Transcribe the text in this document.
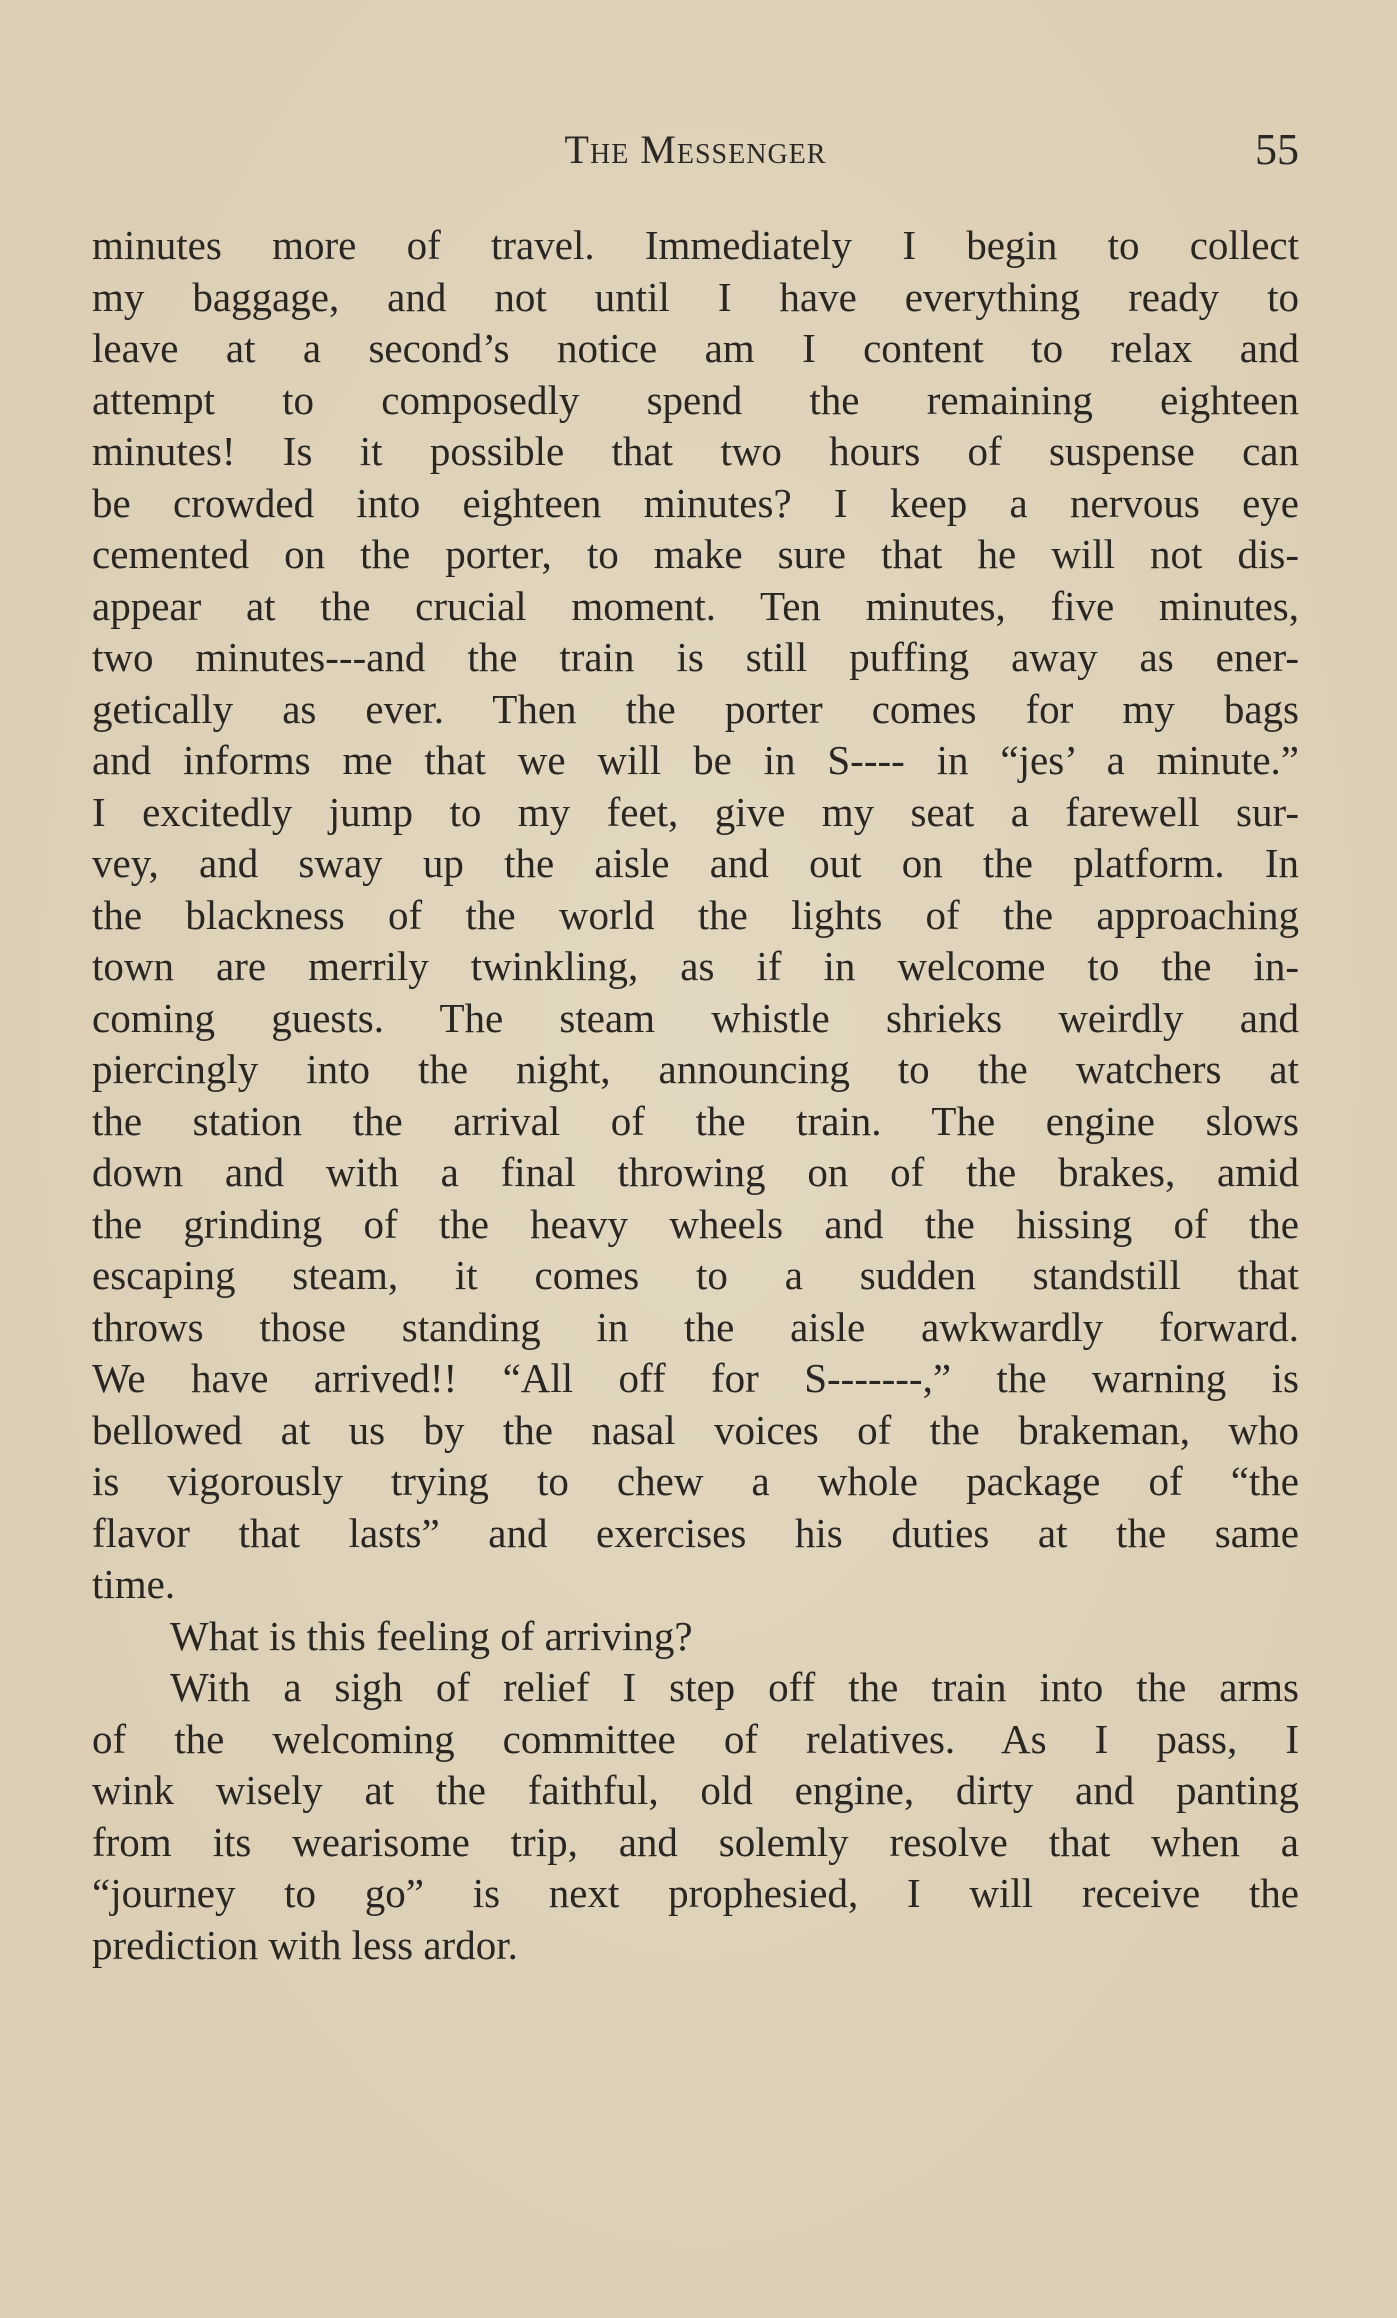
The Messenger	55
minutes more of travel. Immediately I begin to collect
my baggage, and not until I have everything ready to
leave at a second’s notice am I content to relax and
attempt to composedly spend the remaining eighteen
minutes! Is it possible that two hours of suspense can
be crowded into eighteen minutes? I keep a nervous eye
cemented on the porter, to make sure that he will not dis-
appear at the crucial moment. Ten minutes, five minutes,
two minutes---and the train is still puffing away as ener-
getically as ever. Then the porter comes for my bags
and informs me that we will be in S---- in “jes’ a minute.”
I excitedly jump to my feet, give my seat a farewell sur-
vey, and sway up the aisle and out on the platform. In
the blackness of the world the lights of the approaching
town are merrily twinkling, as if in welcome to the in-
coming guests. The steam whistle shrieks weirdly and
piercingly into the night, announcing to the watchers at
the station the arrival of the train. The engine slows
down and with a final throwing on of the brakes, amid
the grinding of the heavy wheels and the hissing of the
escaping steam, it comes to a sudden standstill that
throws those standing in the aisle awkwardly forward.
We have arrived!! “All off for S-------,” the warning is
bellowed at us by the nasal voices of the brakeman, who
is vigorously trying to chew a whole package of “the
flavor that lasts” and exercises his duties at the same
time.
What is this feeling of arriving?
With a sigh of relief I step off the train into the arms
of the welcoming committee of relatives. As I pass, I
wink wisely at the faithful, old engine, dirty and panting
from its wearisome trip, and solemly resolve that when a
“journey to go” is next prophesied, I will receive the
prediction with less ardor.
